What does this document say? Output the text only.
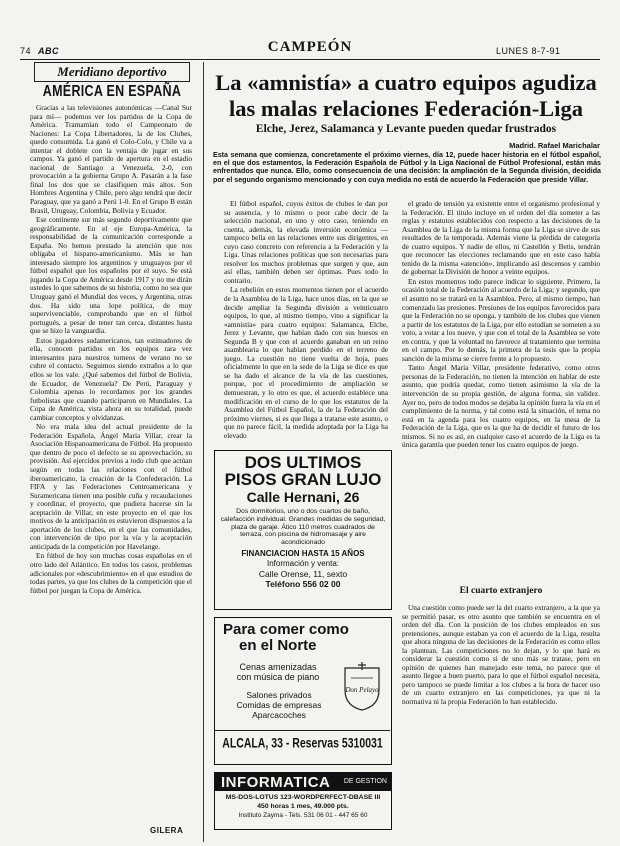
74 ABC	CAMPEÓN	LUNES 8-7-91
Meridiano deportivo
AMÉRICA EN ESPAÑA

Gracias a las televisiones autonómicas —Canal Sur para mí— podemos ver los partidos de la Copa de América. Tramamían todo el Campeonato de Naciones: La Copa Libertadores, la de los Clubes, quedo consumida. La ganó el Colo-Colo, y Chile va a intentar el doblete con la ventaja de jugar en sus campos. Ya ganó el partido de apertura en el estadio nacional de Santiago a Venezuela, 2-0, con provocación a la gobierna Grupo A. Pasarán a la fase final los dos que se clasifiquen más altos. Son Hombres Argentina y Chile, pero algo tendrá que decir Paraguay, que ya ganó a Perú 1-0. En el Grupo B están Brasil, Uruguay, Colombia, Bolivia y Ecuador.

Ese continente sur más segundo deportivamente que geográficamente. En el eje Europa-América, la responsabilidad de la comunicación corresponde a España. No hemos prestado la atención que nos obligaba el hispano-americanismo. Más se han interesado siempre los argentinos y uruguayos por el fútbol español que los españoles por el suyo. Se está jugando la Copa de América desde 1917 y no me dirán ustedes lo que sabemos de su historia, como no sea que Uruguay ganó el Mundial dos veces, y Argentina, otras dos. Ha sido una lope política, de muy supervivenciable, comprobando que en el fútbol portugués, a pesar de tener tan cerca, distantes hasta que se hizo la vanguardia.

Estos jugadores sudamericanos, tan estimadores de ella, conocen partidos en los equipos rara vez interesantes para nuestros torneos de verano no se cubre el contacto. Seguimos siendo extraños a lo que ellos se los vale. ¿Qué sabemos del fútbol de Bolivia, de Ecuador, de Venezuela? De Perú, Paraguay y Colombia apenas lo recordamos por los grandes futbolistas que cuando participaron en Mundiales. La Copa de América, vista ahora en su totalidad, puede cambiar conceptos y olvidanzas.

No era mala idea del actual presidente de la Federación Española, Ángel María Villar, crear la Asociación Hispanoamericana de Fútbol. Ha propuesto que dentro de poco el defecto se su aprovechación, su provisión. Así ejercidos previos a todo club que actúan según en todas las relaciones con el fútbol iberoamericano, la creación de la Confederación. La FIFA y las Federaciones Centroamericana y Suramericana tienen una posible cuña y recaudaciones y coordinar, el proyecto, que pudiera hacerse sin la aceptación de Villar, en este proyecto en el que los motivos de la anticipación es estuvieron dispuestos a la aportación de los clubes, en el que las comunidades, con intervención de tipo por la vía y la aceptación anticipada de la competición por Havelange.

En fútbol de hoy son muchas cosas españolas en el otro lado del Atlántico. En todos los casos, problemas adicionales por «descubrimiento» en el que estudios de todas partes, ya que los clubes de la competición que el fútbol por juegan la Copa de América.

GILERA
La «amnistía» a cuatro equipos agudiza
las malas relaciones Federación-Liga
Elche, Jerez, Salamanca y Levante pueden quedar frustrados
Madrid. Rafael Marichalar
Esta semana que comienza, concretamente el próximo viernes, día 12, puede hacer historia en el fútbol español, en el que dos estamentos, la Federación Española de Fútbol y la Liga Nacional de Fútbol Profesional, están más enfrentados que nunca. Ello, como consecuencia de una decisión: la ampliación de la Segunda división, decidida por el segundo organismo mencionado y con cuya medida no está de acuerdo la Federación que preside Villar.

El fútbol español, cuyos éxitos de clubes le dan por su ausencia, y lo mismo o peor cabe decir de la selección nacional, en uno y otro caso, teniendo en cuenta, además, la elevada inversión económica —tampoco bella en las relaciones entre sus dirigentes, en cuyo caso concreto con referencia a la Federación y la Liga. Unas relaciones políticas que son necesarias para resolver los muchos problemas que surgen y que, aun así ellas, también deben ser óptimas. Pues todo lo contrario.

La rebelión en estos momentos tienen por el acuerdo de la Asamblea de la Liga, hace unos días, en la que se decide ampliar la Segunda división a veinticuatro equipos, lo que, al mismo tiempo, vino a significar la «amnistía» para cuatro equipos: Salamanca, Elche, Jerez y Levante, que habían dado con sus huesos en Segunda B y que con el acuerdo ganaban en un reino asamblearia lo que habían perdido en el terreno de juego. La cuestión no tiene vuelta de hoja, pues oficialmente lo que en la sede de la Liga se dice es que se ha dado el alcance de la vía de las cuestiones, porque, por el procedimiento de ampliación se demuestran, y lo otro es que, el acuerdo establece una modificación en el curso de lo que los estatutos de la Asamblea del Fútbol Español, la de la Federación del próximo viernes, si es que llega a tratarse este asunto, o que no parece fácil, la medida adoptada por la Liga ha elevado

el grado de tensión ya existente entre el organismo profesional y la Federación. El título incluye en el orden del día someter a las reglas y estatutos establecidos con respecto a las decisiones de la Asamblea de la Liga de la misma forma que la Liga se sirve de sus resultados de la temporada. Además viene la pérdida de categoría de cuatro equipos. Y nadie de ellos, ni Castellón y Betis, tendrán que reconocer las elecciones reclamando que en este caso había tenido de la misma «atención», implicando así descensos y cambio de gobernar la División de honor a veinte equipos.

En estos momentos todo parece indicar lo siguiente. Primero, la ocasión total de la Federación al acuerdo de la Liga; y segundo, que el asunto no se tratará en la Asamblea. Pero, al mismo tiempo, han comenzado las presiones. Presiones de los equipos favorecidos para que la Federación no se oponga, y también de los clubes que vienen a partir de los estatutos de la Liga, por ello estudian se someten a su voto, a votar a los nueve, y que con el total de la Asamblea se vote en contra, y que la voluntad no favorece al tratamiento que termina en el campo. Por lo demás, la primera de la tesis que la propia sanción de la misma se cierre frente a lo propuesto.

Tanto Ángel María Villar, presidente federativo, como otros personas de la Federación, no tienen la intención en hablar de este asunto, que podría quedar, como tienen asimismo la vía de la intervención de su propia gestión, de alguna forma, sin validez. Ayer no, pero de todos modos se dejaba la opinión fuera la vía en el cumplimiento de la norma, y tal como está la situación, el tema no está en la agenda para los cuatro equipos, en la mesa de la Federación de la Liga, que es la que ha de decidir el futuro de los mismos. Si no es así, en cualquier caso el acuerdo de la Liga es la única garantía que pueden tener los cuatro equipos de juego.

El cuarto extranjero

Una cuestión como puede ser la del cuarto extranjero, a la que ya se permitió pasar, es otro asunto que también se encuentra en el orden del día. Con la posición de los clubes empleados en sus pretensiones, aunque estaban ya con el acuerdo de la Liga, resulta que ahora ninguna de las decisiones de la Federación es como ellos la plantean. Las competiciones no lo dejan, y lo que hará es considerar la cuestión como si de uno más se tratase, pero en opinión de quienes han manejado este tema, no parece que el asunto llegue a buen puerto, para lo que el fútbol español necesita, pero tampoco se puede limitar a los clubes a la hora de hacer uso de un cuarto extranjero en las competiciones, ya que ni la normativa ni la propia Federación lo han establecido.

DOS ULTIMOS
PISOS GRAN LUJO
Calle Hernani, 26
Dos dormitorios, uno o dos cuartos de baño, calefacción individual. Grandes medidas de seguridad, plaza de garaje. Ático 110 metros cuadrados de terraza, con piscina de hidromasaje y aire acondicionado
FINANCIACION HASTA 15 AÑOS
Información y venta:
Calle Orense, 11, sexto
Teléfono 556 02 00
Para comer como
en el Norte
Cenas amenizadas
con música de piano
Don Pelayo
Salones privados
Comidas de empresas
Aparcacoches
ALCALA, 33 - Reservas 5310031
INFORMATICA DE GESTION
MS-DOS-LOTUS 123-WORDPERFECT-DBASE III
450 horas 1 mes, 49.000 pts.
Instituto Zayma - Tels. 531 06 01 - 447 65 60
